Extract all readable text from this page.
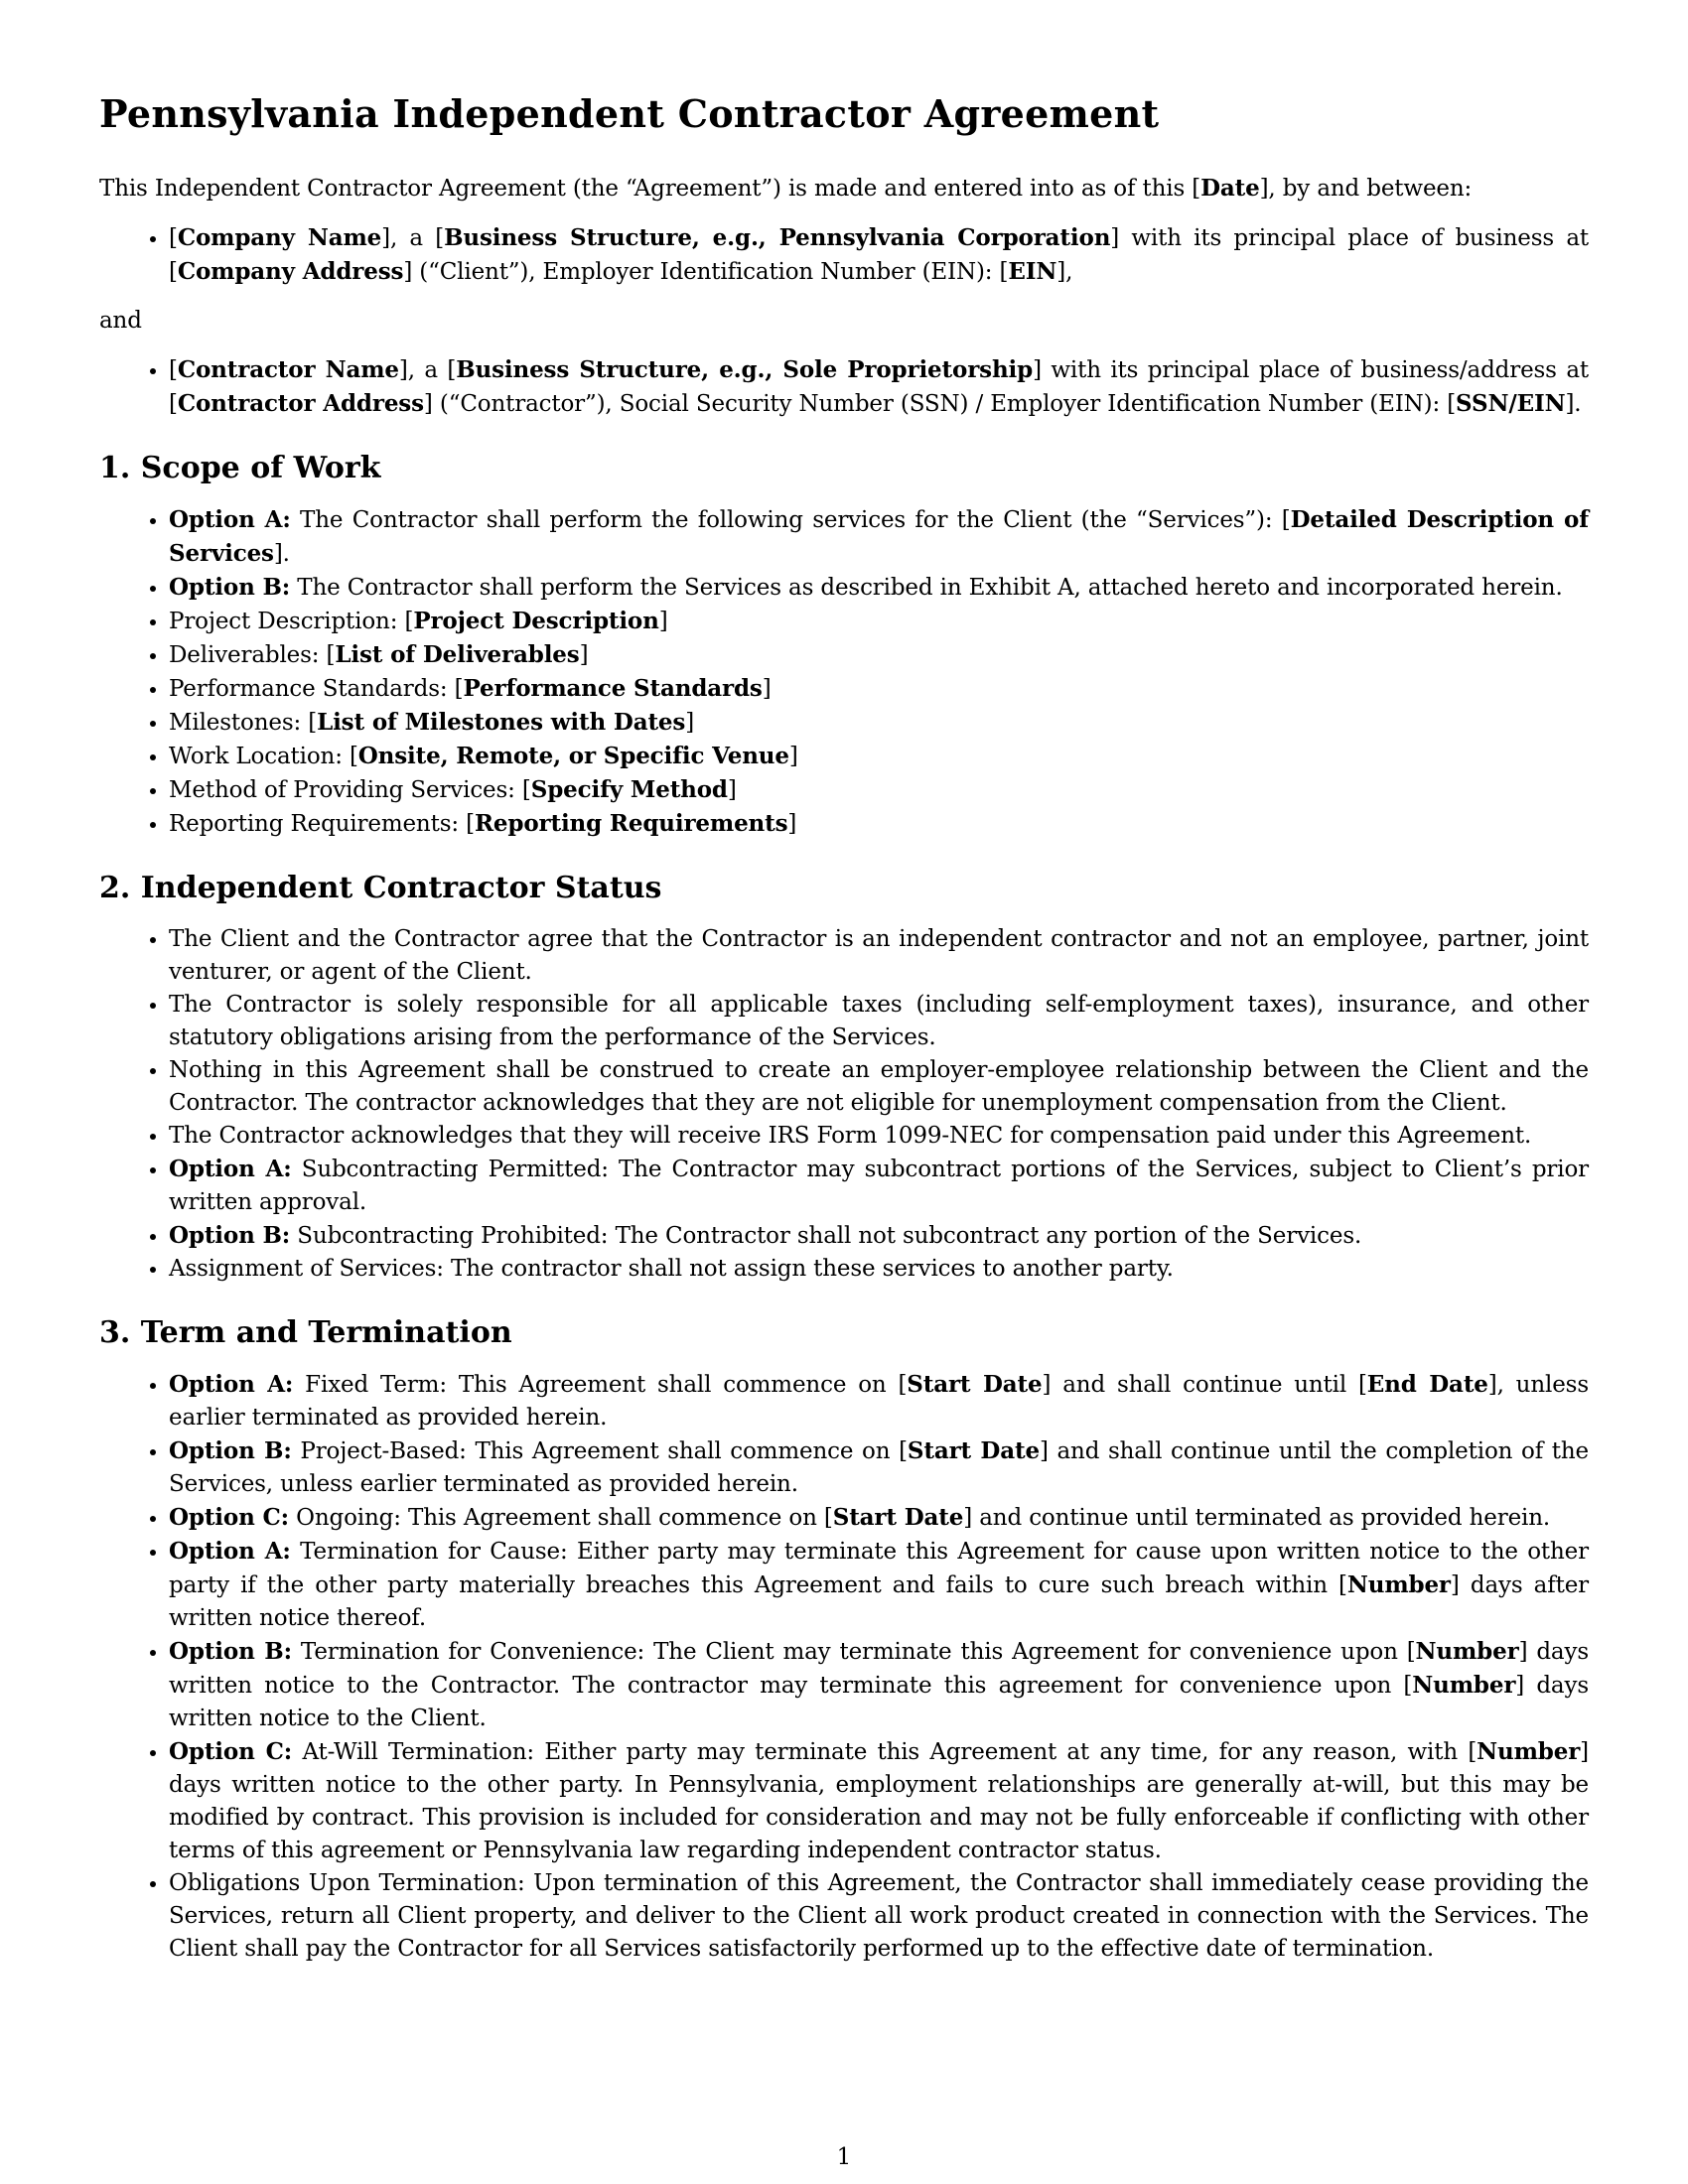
Pennsylvania Independent Contractor Agreement

This Independent Contractor Agreement (the “Agreement”) is made and entered into as of this [Date], by and between:

• [Company Name], a [Business Structure, e.g., Pennsylvania Corporation] with its principal place of business at [Company Address] (“Client”), Employer Identification Number (EIN): [EIN],

and

• [Contractor Name], a [Business Structure, e.g., Sole Proprietorship] with its principal place of business/address at [Contractor Address] (“Contractor”), Social Security Number (SSN) / Employer Identification Number (EIN): [SSN/EIN].
1. Scope of Work
• Option A: The Contractor shall perform the following services for the Client (the “Services”): [Detailed Description of Services].
• Option B: The Contractor shall perform the Services as described in Exhibit A, attached hereto and incorporated herein.
• Project Description: [Project Description]
• Deliverables: [List of Deliverables]
• Performance Standards: [Performance Standards]
• Milestones: [List of Milestones with Dates]
• Work Location: [Onsite, Remote, or Specific Venue]
• Method of Providing Services: [Specify Method]
• Reporting Requirements: [Reporting Requirements]
2. Independent Contractor Status
• The Client and the Contractor agree that the Contractor is an independent contractor and not an employee, partner, joint venturer, or agent of the Client.
• The Contractor is solely responsible for all applicable taxes (including self-employment taxes), insurance, and other statutory obligations arising from the performance of the Services.
• Nothing in this Agreement shall be construed to create an employer-employee relationship between the Client and the Contractor. The contractor acknowledges that they are not eligible for unemployment compensation from the Client.
• The Contractor acknowledges that they will receive IRS Form 1099-NEC for compensation paid under this Agreement.
• Option A: Subcontracting Permitted: The Contractor may subcontract portions of the Services, subject to Client’s prior written approval.
• Option B: Subcontracting Prohibited: The Contractor shall not subcontract any portion of the Services.
• Assignment of Services: The contractor shall not assign these services to another party.
3. Term and Termination
• Option A: Fixed Term: This Agreement shall commence on [Start Date] and shall continue until [End Date], unless earlier terminated as provided herein.
• Option B: Project-Based: This Agreement shall commence on [Start Date] and shall continue until the completion of the Services, unless earlier terminated as provided herein.
• Option C: Ongoing: This Agreement shall commence on [Start Date] and continue until terminated as provided herein.
• Option A: Termination for Cause: Either party may terminate this Agreement for cause upon written notice to the other party if the other party materially breaches this Agreement and fails to cure such breach within [Number] days after written notice thereof.
• Option B: Termination for Convenience: The Client may terminate this Agreement for convenience upon [Number] days written notice to the Contractor. The contractor may terminate this agreement for convenience upon [Number] days written notice to the Client.
• Option C: At-Will Termination: Either party may terminate this Agreement at any time, for any reason, with [Number] days written notice to the other party. In Pennsylvania, employment relationships are generally at-will, but this may be modified by contract. This provision is included for consideration and may not be fully enforceable if conflicting with other terms of this agreement or Pennsylvania law regarding independent contractor status.
• Obligations Upon Termination: Upon termination of this Agreement, the Contractor shall immediately cease providing the Services, return all Client property, and deliver to the Client all work product created in connection with the Services. The Client shall pay the Contractor for all Services satisfactorily performed up to the effective date of termination.
1
